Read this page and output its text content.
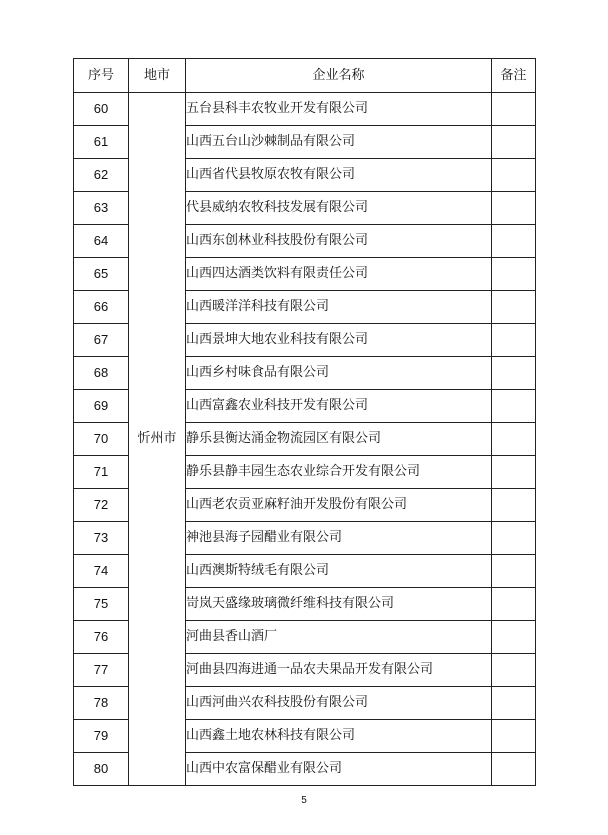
序号	地市	企业名称	备注
60	忻州市	五台县科丰农牧业开发有限公司	
61		山西五台山沙棘制品有限公司	
62		山西省代县牧原农牧有限公司	
63		代县威纳农牧科技发展有限公司	
64		山西东创林业科技股份有限公司	
65		山西四达酒类饮料有限责任公司	
66		山西暖洋洋科技有限公司	
67		山西景坤大地农业科技有限公司	
68		山西乡村味食品有限公司	
69		山西富鑫农业科技开发有限公司	
70		静乐县衡达涌金物流园区有限公司	
71		静乐县静丰园生态农业综合开发有限公司	
72		山西老农贡亚麻籽油开发股份有限公司	
73		神池县海子园醋业有限公司	
74		山西澳斯特绒毛有限公司	
75		岢岚天盛缘玻璃微纤维科技有限公司	
76		河曲县香山酒厂	
77		河曲县四海进通一品农夫果品开发有限公司	
78		山西河曲兴农科技股份有限公司	
79		山西鑫土地农林科技有限公司	
80		山西中农富保醋业有限公司	
5
